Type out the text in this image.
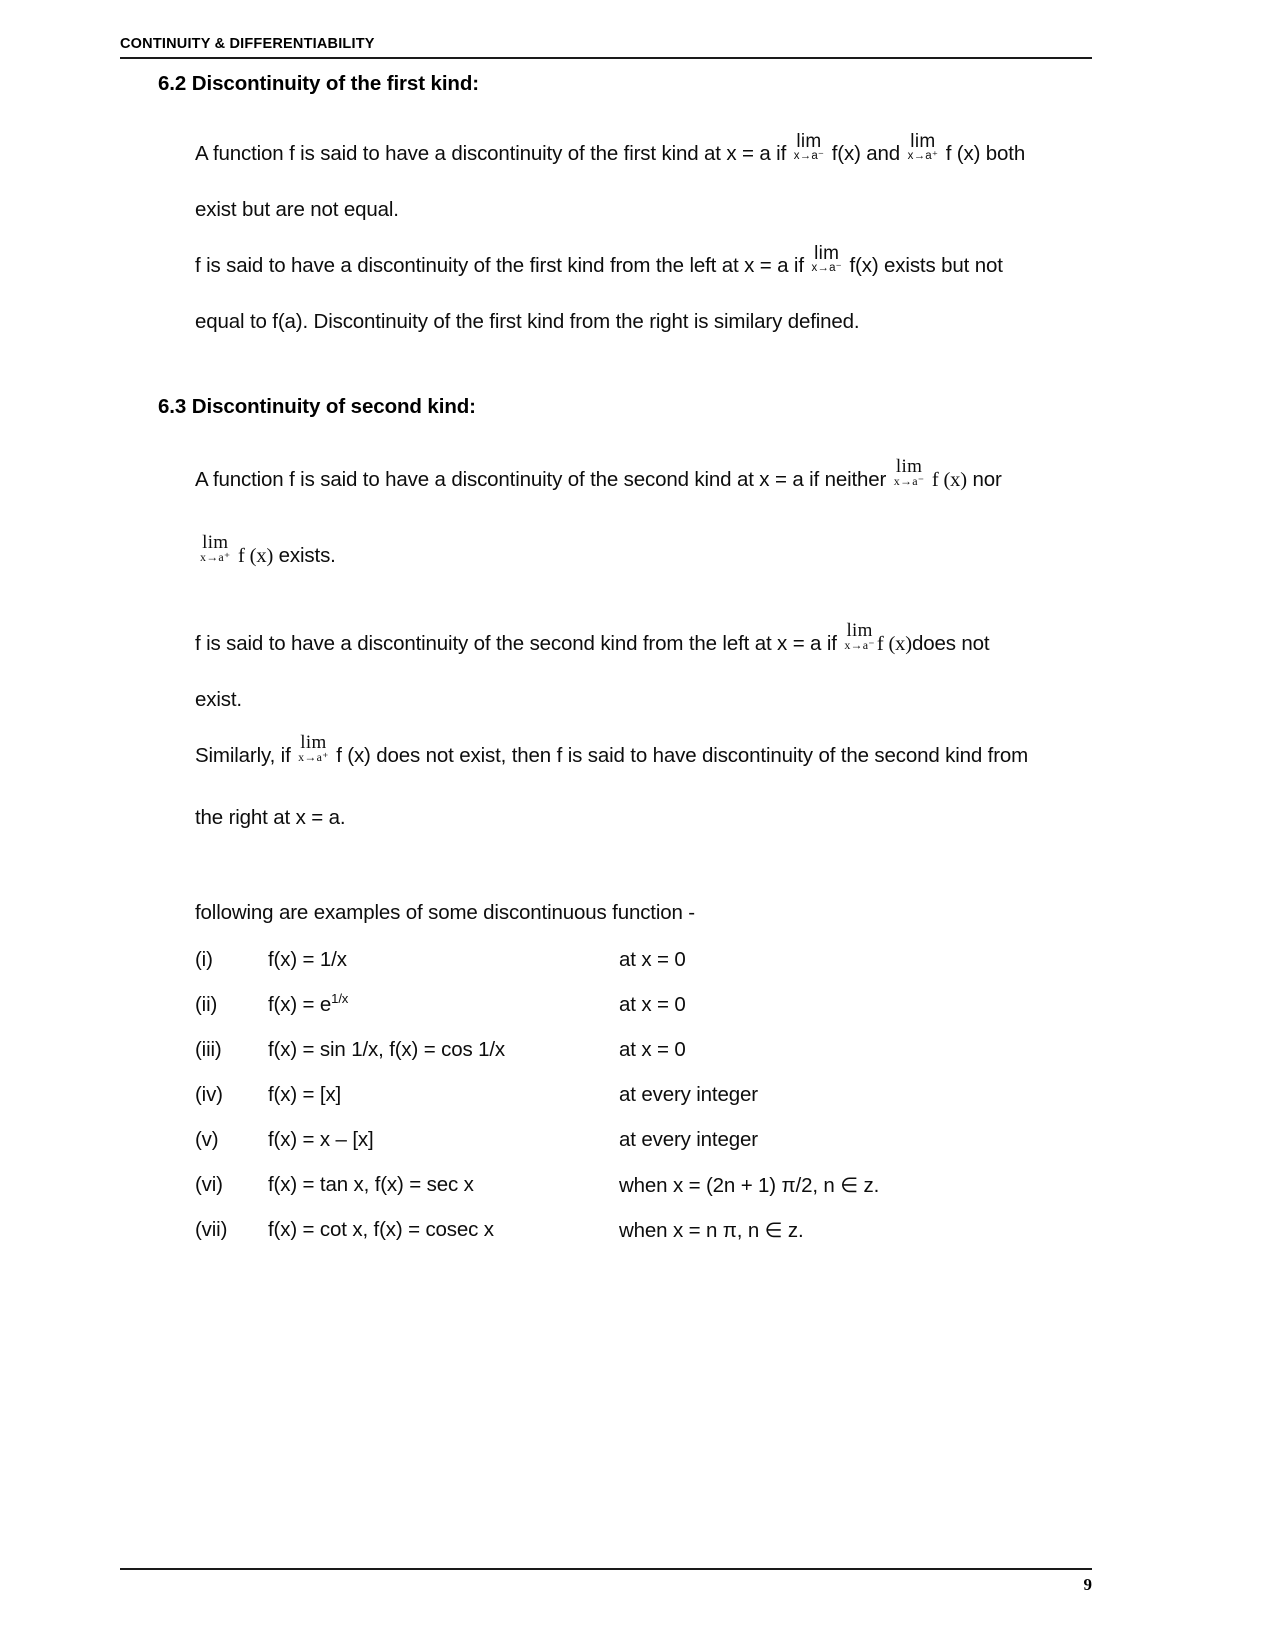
CONTINUITY & DIFFERENTIABILITY
6.2 Discontinuity of the first kind:
A function f is said to have a discontinuity of the first kind at x = a if
lim
x→a⁻ f(x) and
lim
x→a⁺ f (x) both
exist but are not equal.
f is said to have a discontinuity of the first kind from the left at x = a if
lim
x→a⁻ f(x) exists but not
equal to f(a). Discontinuity of the first kind from the right is similary defined.
6.3 Discontinuity of second kind:
A function f is said to have a discontinuity of the second kind at x = a if neither
lim
x→a⁻ f (x) nor
lim
x→a⁺ f (x) exists.
f is said to have a discontinuity of the second kind from the left at x = a if
lim
x→a⁻ f (x)does not
exist.
Similarly, if
lim
x→a⁺ f (x) does not exist, then f is said to have discontinuity of the second kind from
the right at x = a.
following are examples of some discontinuous function -
(i)	f(x) = 1/x	at x = 0
(ii)	$f(x) = e^{1/x}$	at x = 0
(iii)	f(x) = sin 1/x, f(x) = cos 1/x	at x = 0
(iv)	f(x) = [x]	at every integer
(v)	f(x) = x – [x]	at every integer
(vi)	f(x) = tan x, f(x) = sec x	when x = (2n + 1) π/2, n ∈ z.
(vii)	f(x) = cot x, f(x) = cosec x	when x = n π, n ∈ z.
9
